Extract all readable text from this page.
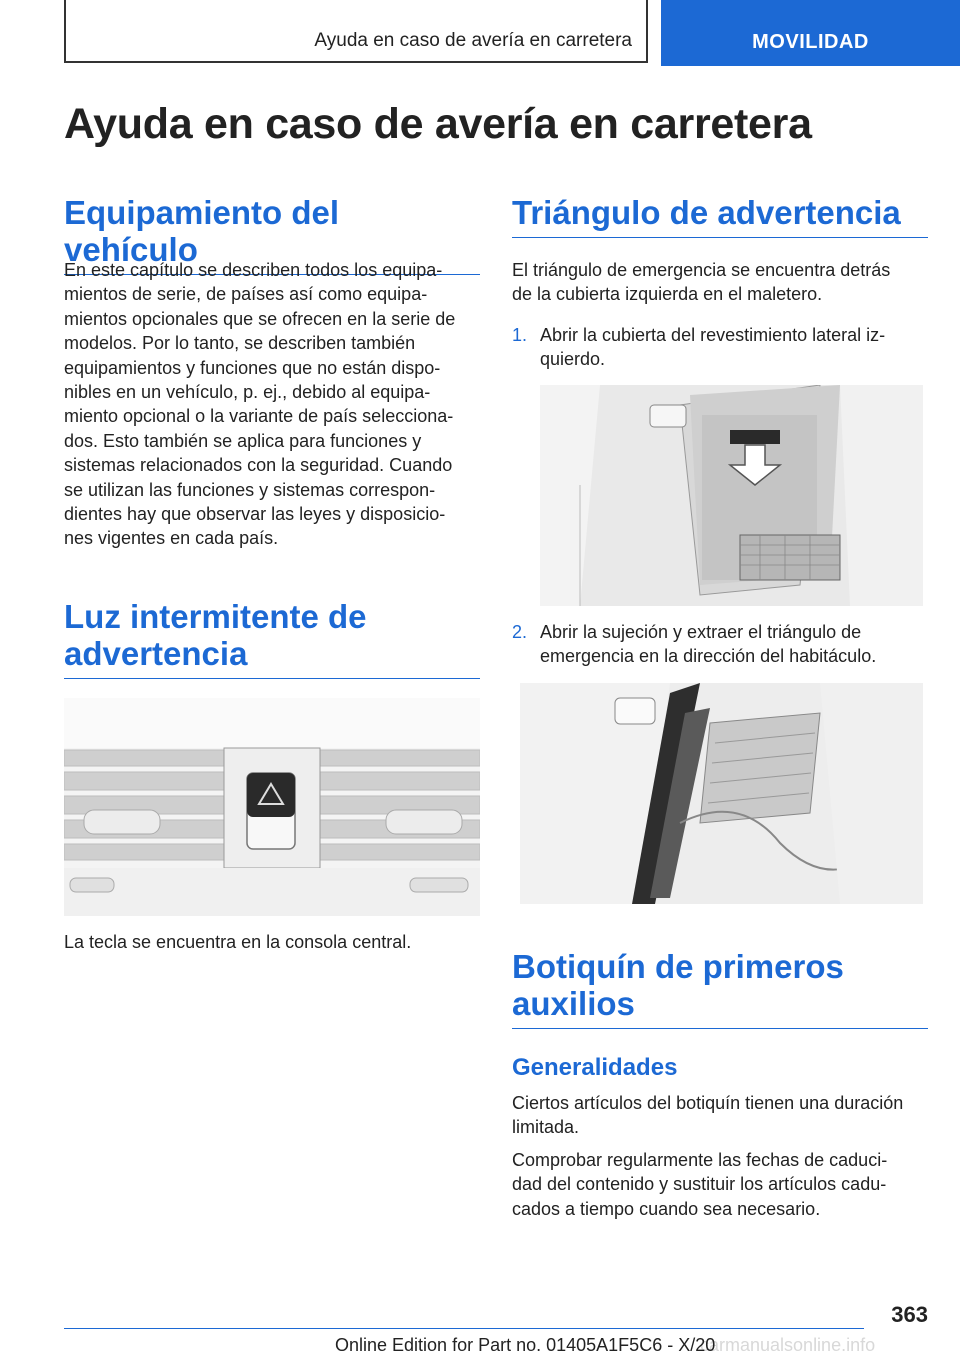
Ayuda en caso de avería en carretera	MOVILIDAD
Ayuda en caso de avería en carretera
Equipamiento del vehículo

En este capítulo se describen todos los equipa-
mientos de serie, de países así como equipa-
mientos opcionales que se ofrecen en la serie de
modelos. Por lo tanto, se describen también
equipamientos y funciones que no están dispo-
nibles en un vehículo, p. ej., debido al equipa-
miento opcional o la variante de país selecciona-
dos. Esto también se aplica para funciones y
sistemas relacionados con la seguridad. Cuando
se utilizan las funciones y sistemas correspon-
dientes hay que observar las leyes y disposicio-
nes vigentes en cada país.

Luz intermitente de
advertencia

La tecla se encuentra en la consola central.

Triángulo de advertencia

El triángulo de emergencia se encuentra detrás
de la cubierta izquierda en el maletero.

1. Abrir la cubierta del revestimiento lateral iz-
quierdo.

2. Abrir la sujeción y extraer el triángulo de
emergencia en la dirección del habitáculo.

Botiquín de primeros
auxilios
Generalidades

Ciertos artículos del botiquín tienen una duración
limitada.

Comprobar regularmente las fechas de caduci-
dad del contenido y sustituir los artículos cadu-
cados a tiempo cuando sea necesario.

363
carmanualsonline.info
Online Edition for Part no. 01405A1F5C6 - X/20
